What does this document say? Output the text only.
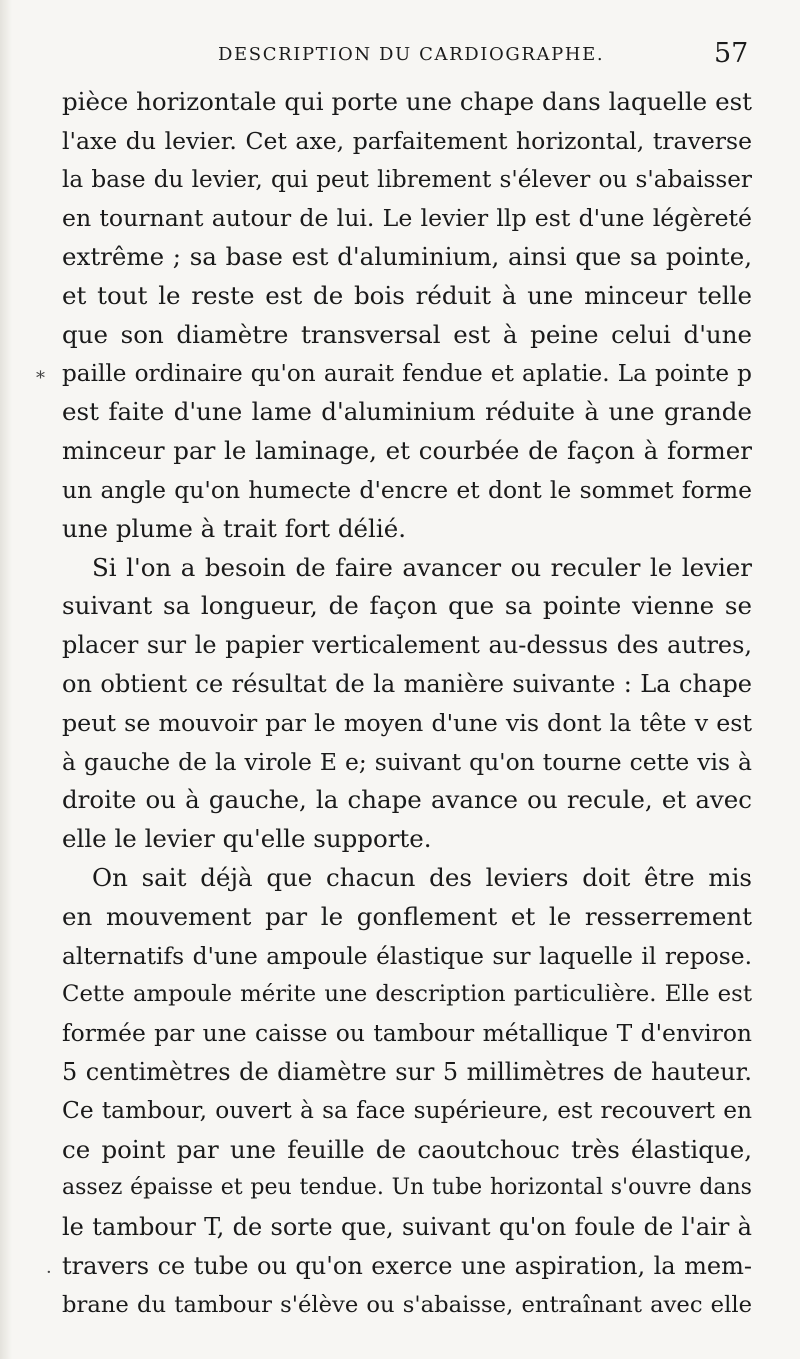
DESCRIPTION DU CARDIOGRAPHE.	57
⁎
·
pièce horizontale qui porte une chape dans laquelle est
l'axe du levier. Cet axe, parfaitement horizontal, traverse
la base du levier, qui peut librement s'élever ou s'abaisser
en tournant autour de lui. Le levier llp est d'une légèreté
extrême ; sa base est d'aluminium, ainsi que sa pointe,
et tout le reste est de bois réduit à une minceur telle
que son diamètre transversal est à peine celui d'une
paille ordinaire qu'on aurait fendue et aplatie. La pointe p
est faite d'une lame d'aluminium réduite à une grande
minceur par le laminage, et courbée de façon à former
un angle qu'on humecte d'encre et dont le sommet forme
une plume à trait fort délié.
Si l'on a besoin de faire avancer ou reculer le levier
suivant sa longueur, de façon que sa pointe vienne se
placer sur le papier verticalement au-dessus des autres,
on obtient ce résultat de la manière suivante : La chape
peut se mouvoir par le moyen d'une vis dont la tête v est
à gauche de la virole E e; suivant qu'on tourne cette vis à
droite ou à gauche, la chape avance ou recule, et avec
elle le levier qu'elle supporte.
On sait déjà que chacun des leviers doit être mis
en mouvement par le gonflement et le resserrement
alternatifs d'une ampoule élastique sur laquelle il repose.
Cette ampoule mérite une description particulière. Elle est
formée par une caisse ou tambour métallique T d'environ
5 centimètres de diamètre sur 5 millimètres de hauteur.
Ce tambour, ouvert à sa face supérieure, est recouvert en
ce point par une feuille de caoutchouc très élastique,
assez épaisse et peu tendue. Un tube horizontal s'ouvre dans
le tambour T, de sorte que, suivant qu'on foule de l'air à
travers ce tube ou qu'on exerce une aspiration, la mem-
brane du tambour s'élève ou s'abaisse, entraînant avec elle
